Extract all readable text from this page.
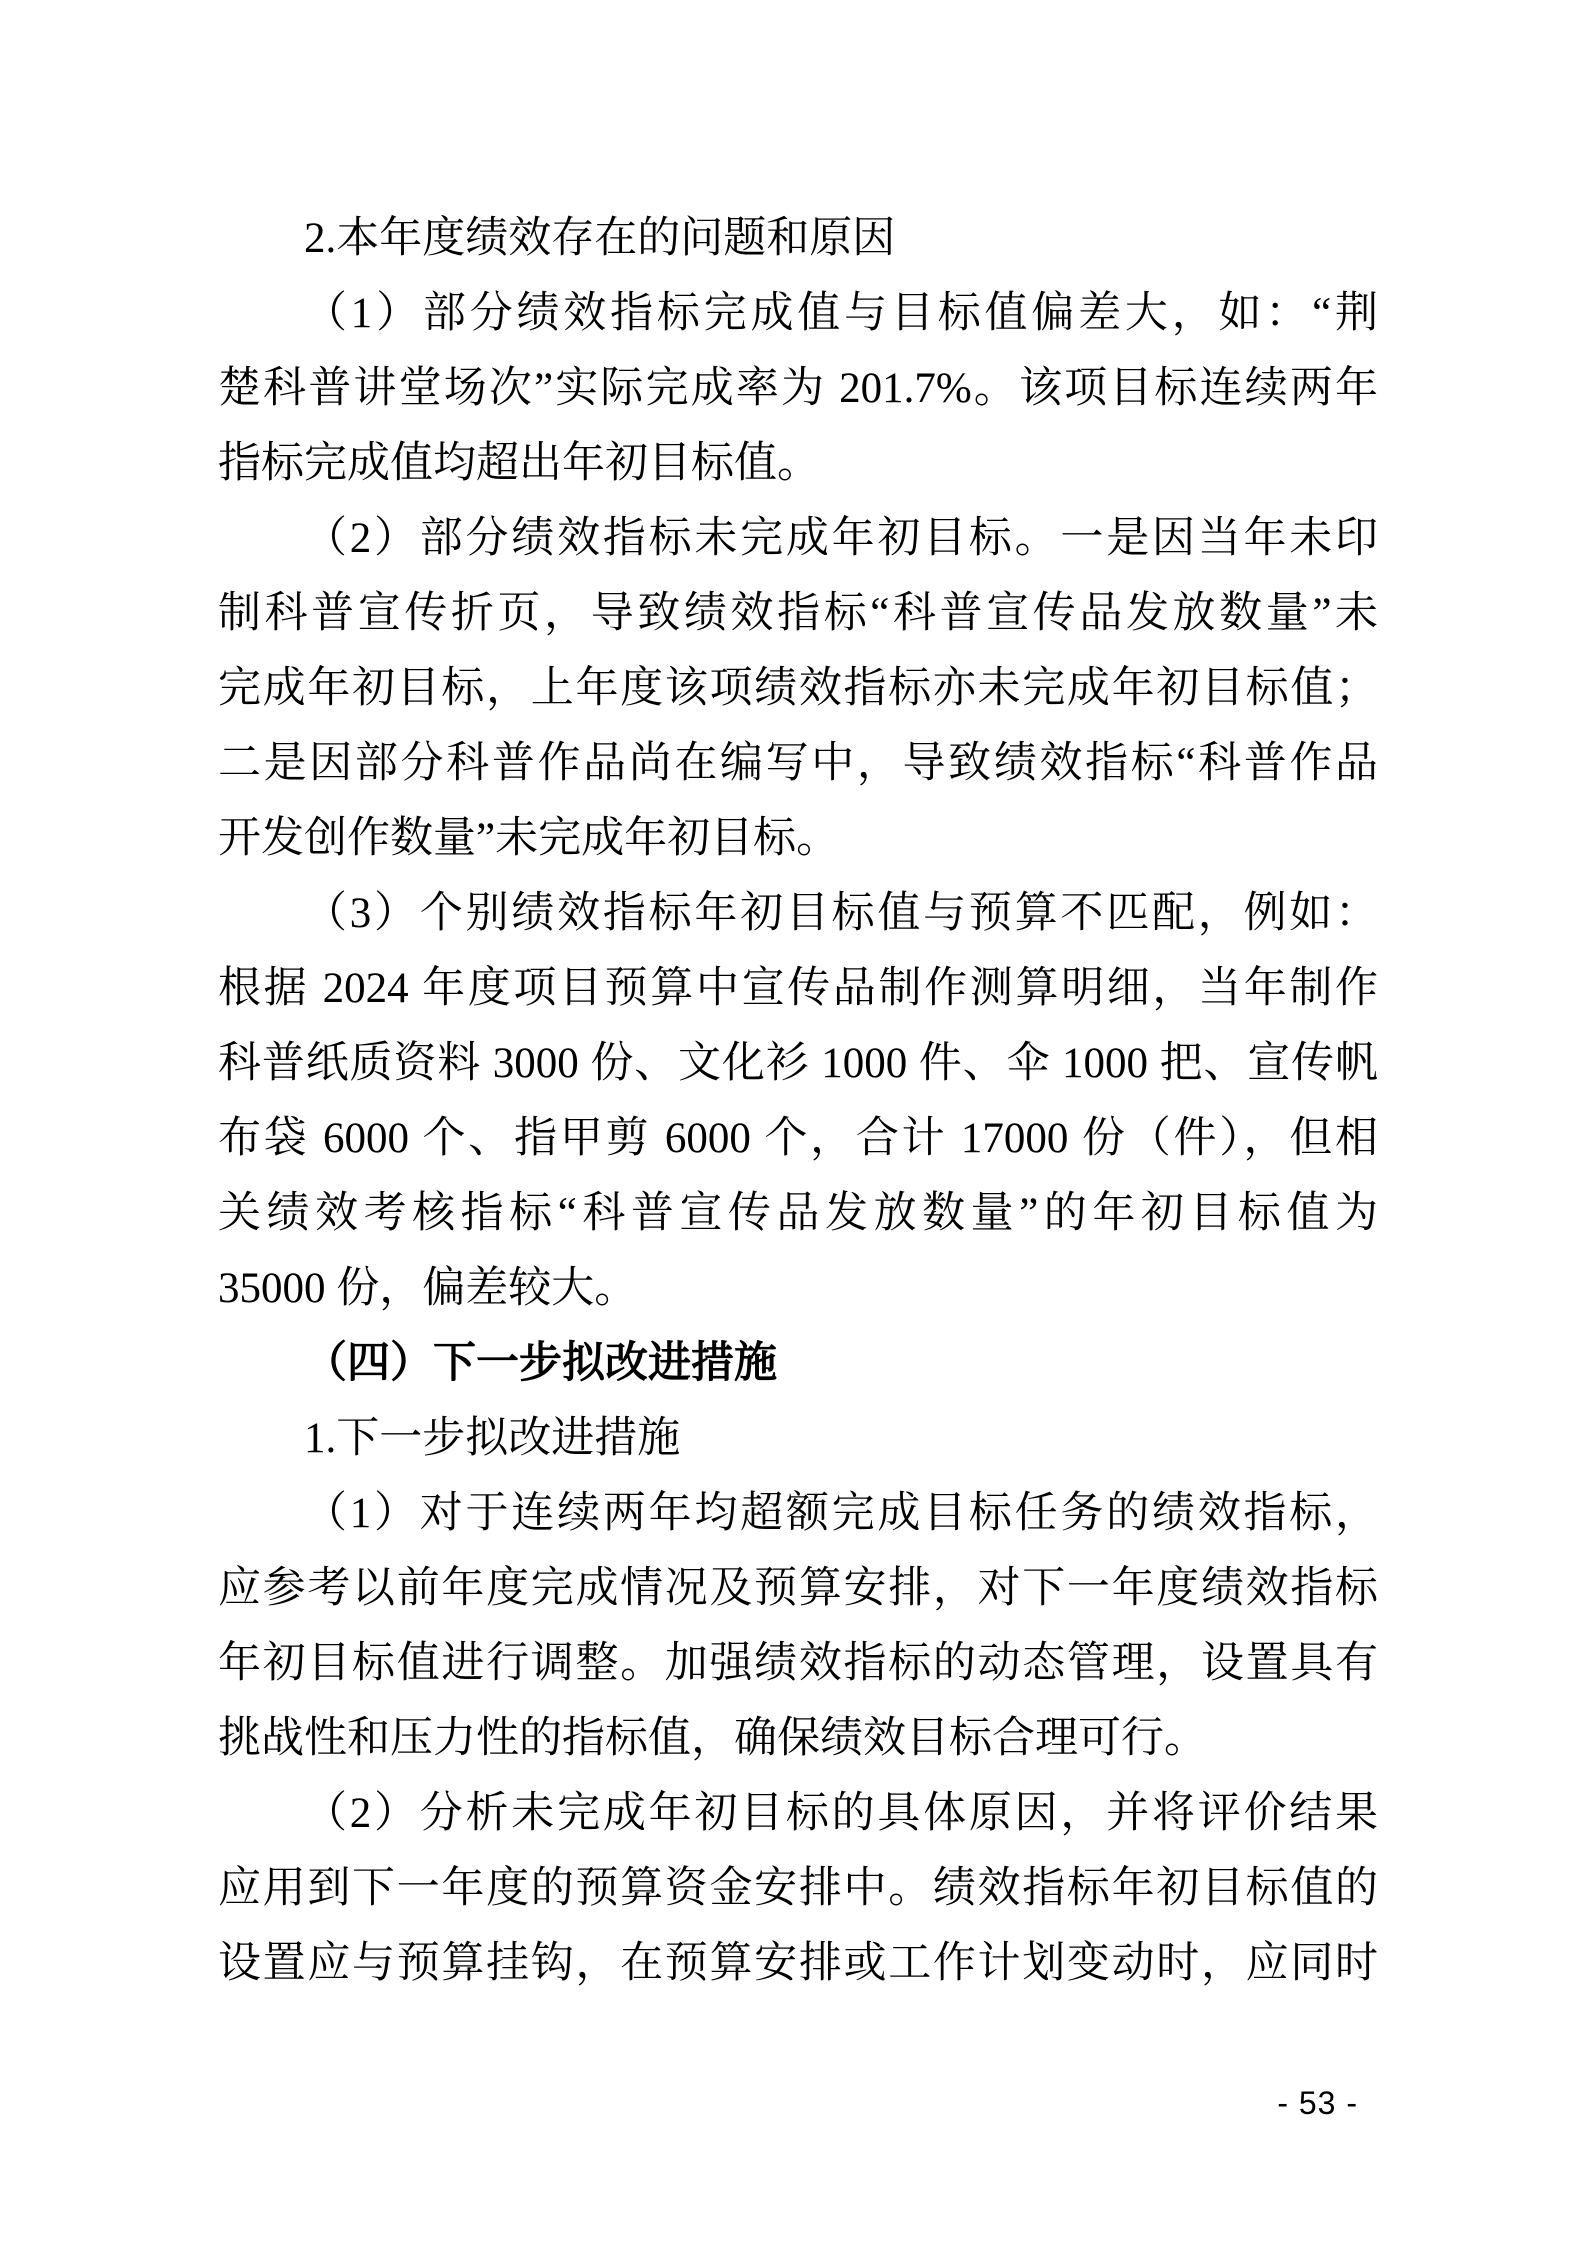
2.本年度绩效存在的问题和原因
（1）部分绩效指标完成值与目标值偏差大，如：“荆
楚科普讲堂场次”实际完成率为 201.7%。该项目标连续两年
指标完成值均超出年初目标值。
（2）部分绩效指标未完成年初目标。一是因当年未印
制科普宣传折页，导致绩效指标“科普宣传品发放数量”未
完成年初目标，上年度该项绩效指标亦未完成年初目标值；
二是因部分科普作品尚在编写中，导致绩效指标“科普作品
开发创作数量”未完成年初目标。
（3）个别绩效指标年初目标值与预算不匹配，例如：
根据 2024 年度项目预算中宣传品制作测算明细，当年制作
科普纸质资料 3000 份、文化衫 1000 件、伞 1000 把、宣传帆
布袋 6000 个、指甲剪 6000 个，合计 17000 份（件），但相
关绩效考核指标“科普宣传品发放数量”的年初目标值为
35000 份，偏差较大。
（四）下一步拟改进措施
1.下一步拟改进措施
（1）对于连续两年均超额完成目标任务的绩效指标，
应参考以前年度完成情况及预算安排，对下一年度绩效指标
年初目标值进行调整。加强绩效指标的动态管理，设置具有
挑战性和压力性的指标值，确保绩效目标合理可行。
（2）分析未完成年初目标的具体原因，并将评价结果
应用到下一年度的预算资金安排中。绩效指标年初目标值的
设置应与预算挂钩，在预算安排或工作计划变动时，应同时
- 53 -
